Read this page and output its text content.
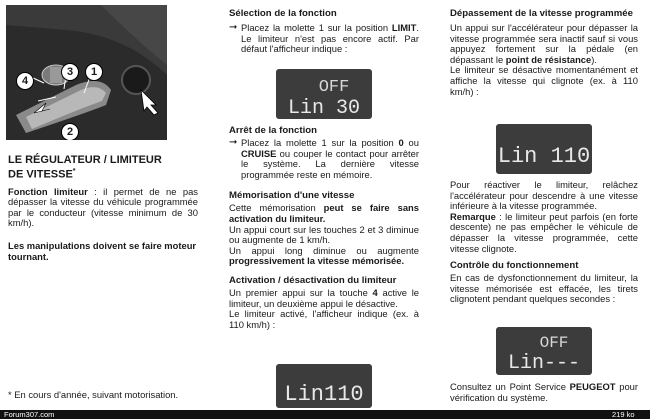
4
3	1
2
LE RÉGULATEUR / LIMITEUR
DE VITESSE*

Fonction limiteur : il permet de ne pas dépasser la vitesse du véhicule programmée par le conducteur (vitesse minimum de 30 km/h).

Les manipulations doivent se faire moteur tournant.

* En cours d'année, suivant motorisation.

Sélection de la fonction
➞ Placez la molette 1 sur la position LIMIT. Le limiteur n'est pas encore actif. Par défaut l'afficheur indique :
OFF
Lin 30
Arrêt de la fonction
➞ Placez la molette 1 sur la position 0 ou CRUISE ou couper le contact pour arrêter le système. La dernière vitesse programmée reste en mémoire.
Mémorisation d'une vitesse

Cette mémorisation peut se faire sans activation du limiteur.

Un appui court sur les touches 2 et 3 diminue ou augmente de 1 km/h.

Un appui long diminue ou augmente progressivement la vitesse mémorisée.

Activation / désactivation du limiteur

Un premier appui sur la touche 4 active le limiteur, un deuxième appui le désactive.

Le limiteur activé, l'afficheur indique (ex. à 110 km/h) :

Lin110
Dépassement de la vitesse programmée

Un appui sur l'accélérateur pour dépasser la vitesse programmée sera inactif sauf si vous appuyez fortement sur la pédale (en dépassant le point de résistance).

Le limiteur se désactive momentanément et affiche la vitesse qui clignote (ex. à 110 km/h) :

Lin 110

Pour réactiver le limiteur, relâchez l'accélérateur pour descendre à une vitesse inférieure à la vitesse programmée.

Remarque : le limiteur peut parfois (en forte descente) ne pas empêcher le véhicule de dépasser la vitesse programmée, cette vitesse clignote.

Contrôle du fonctionnement

En cas de dysfonctionnement du limiteur, la vitesse mémorisée est effacée, les tirets clignotent pendant quelques secondes :

OFF
Lin---

Consultez un Point Service PEUGEOT pour vérification du système.

Forum307.com	219 ko
